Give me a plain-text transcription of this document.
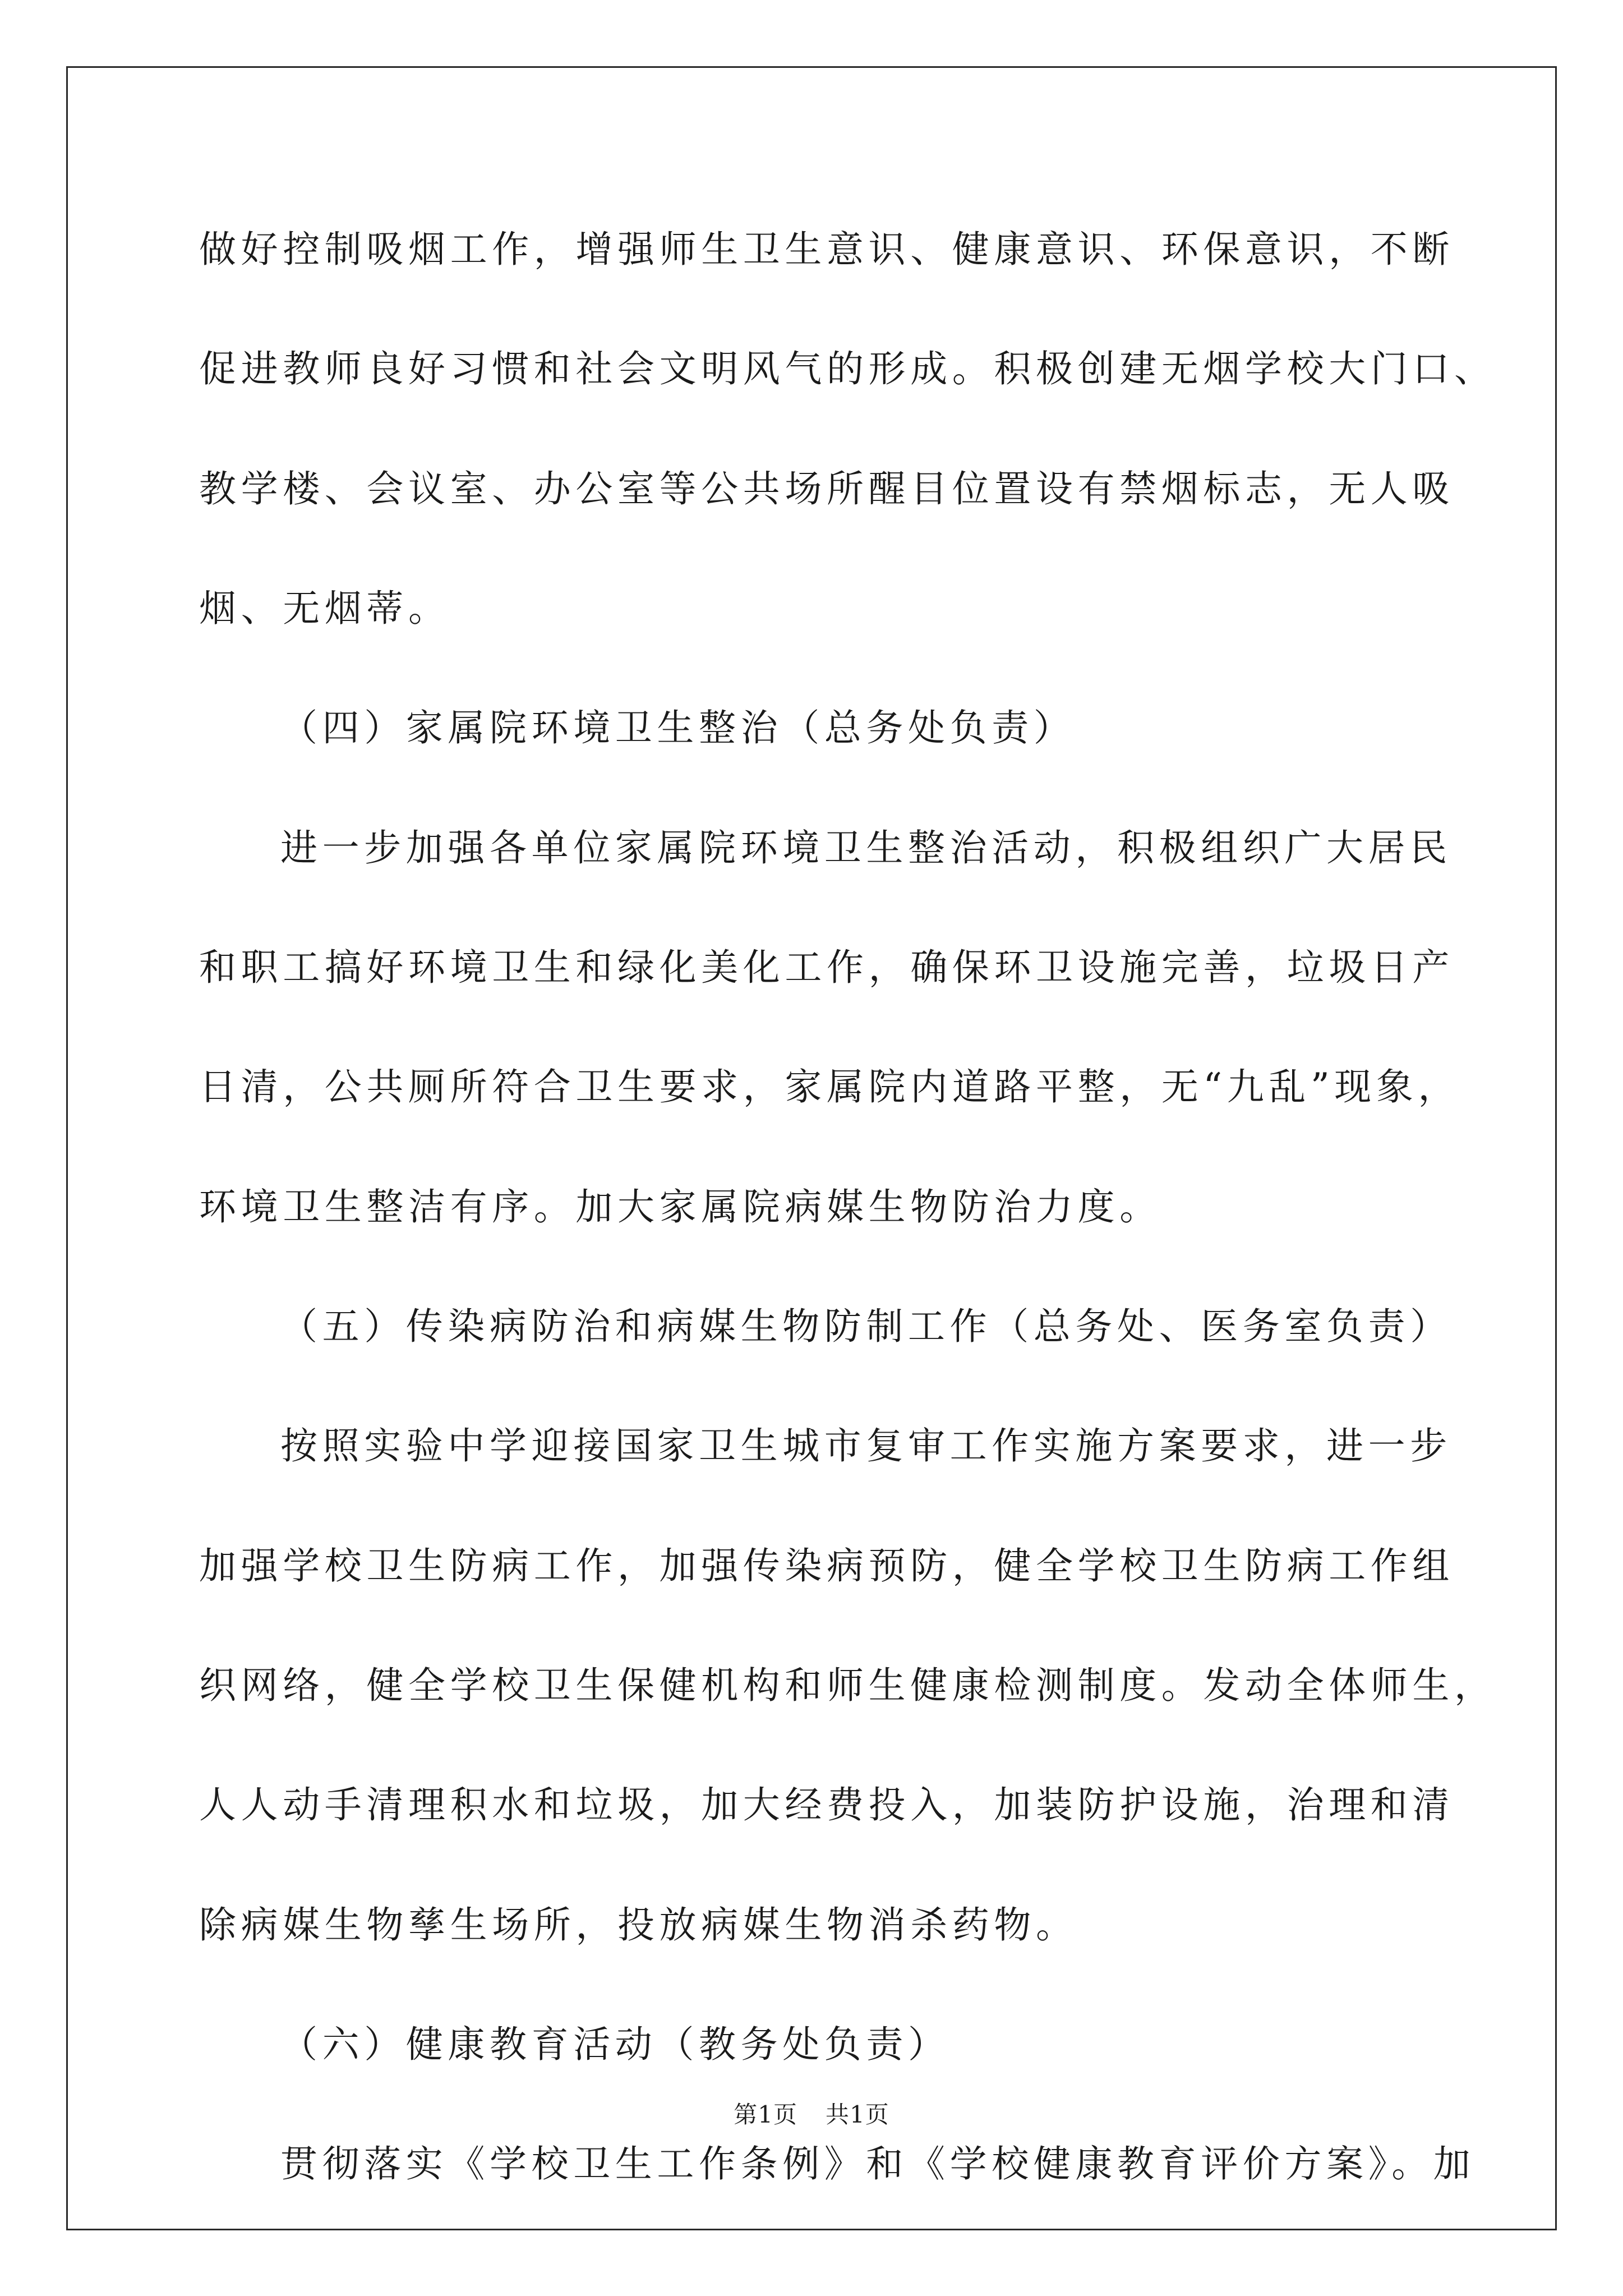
做好控制吸烟工作，增强师生卫生意识、健康意识、环保意识，不断
促进教师良好习惯和社会文明风气的形成。积极创建无烟学校大门口、
教学楼、会议室、办公室等公共场所醒目位置设有禁烟标志，无人吸
烟、无烟蒂。
（四）家属院环境卫生整治（总务处负责）
进一步加强各单位家属院环境卫生整治活动，积极组织广大居民
和职工搞好环境卫生和绿化美化工作，确保环卫设施完善，垃圾日产
日清，公共厕所符合卫生要求，家属院内道路平整，无“九乱”现象，
环境卫生整洁有序。加大家属院病媒生物防治力度。
（五）传染病防治和病媒生物防制工作（总务处、医务室负责）
按照实验中学迎接国家卫生城市复审工作实施方案要求，进一步
加强学校卫生防病工作，加强传染病预防，健全学校卫生防病工作组
织网络，健全学校卫生保健机构和师生健康检测制度。发动全体师生，
人人动手清理积水和垃圾，加大经费投入，加装防护设施，治理和清
除病媒生物孳生场所，投放病媒生物消杀药物。
（六）健康教育活动（教务处负责）
贯彻落实《学校卫生工作条例》和《学校健康教育评价方案》。加
第1页 共1页
